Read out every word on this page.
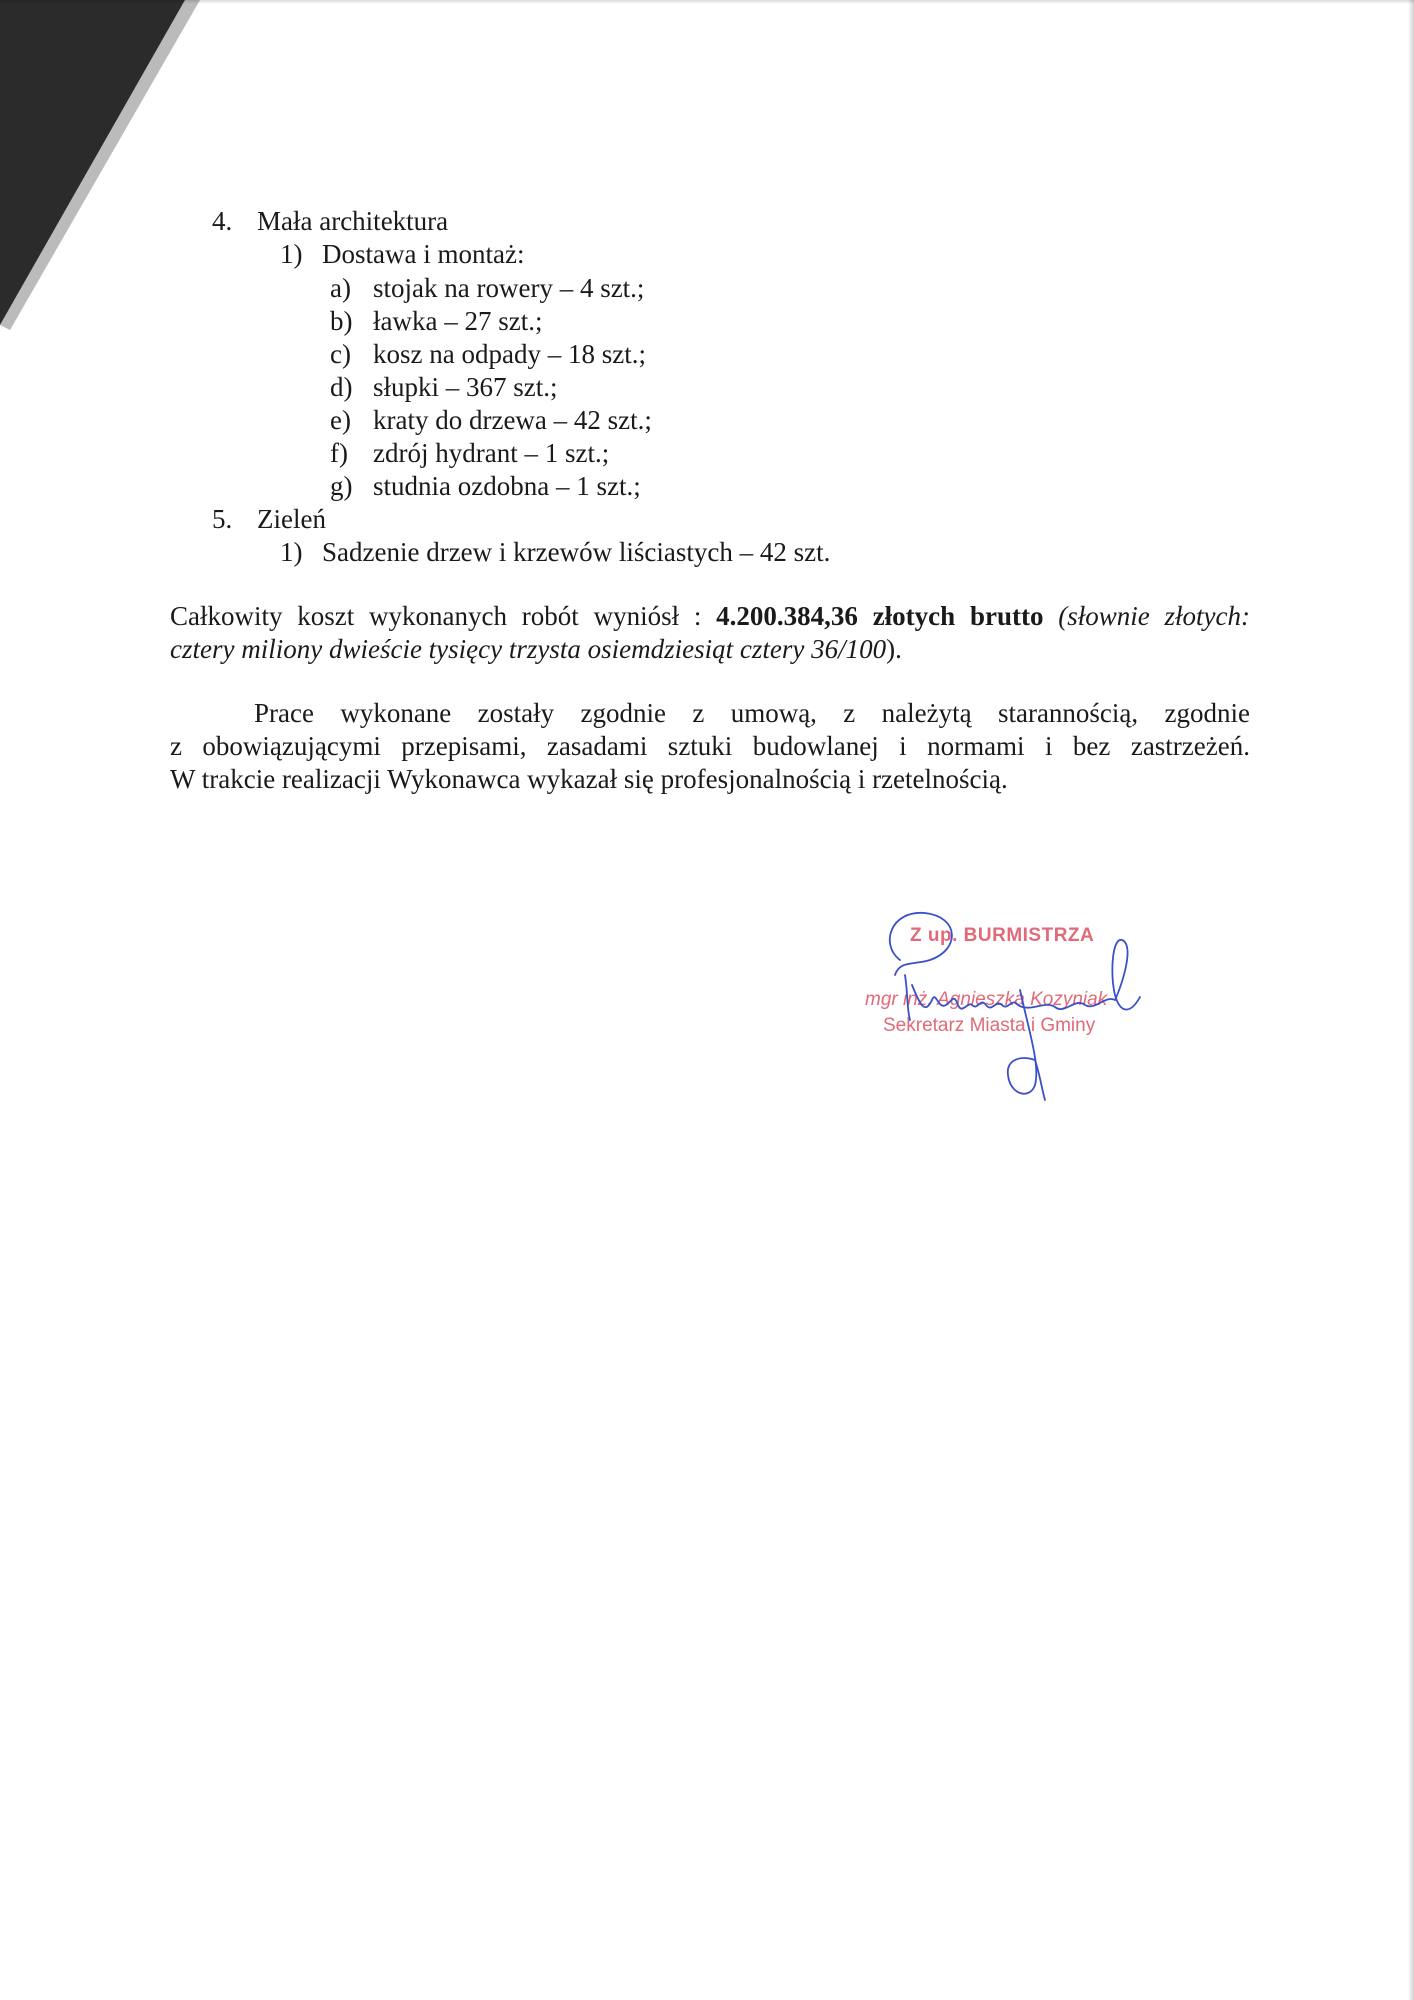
4. Mała architektura
1) Dostawa i montaż:
a) stojak na rowery – 4 szt.;
b) ławka – 27 szt.;
c) kosz na odpady – 18 szt.;
d) słupki – 367 szt.;
e) kraty do drzewa – 42 szt.;
f) zdrój hydrant – 1 szt.;
g) studnia ozdobna – 1 szt.;
5. Zieleń
1) Sadzenie drzew i krzewów liściastych – 42 szt.
Całkowity koszt wykonanych robót wyniósł : 4.200.384,36 złotych brutto (słownie złotych:
cztery miliony dwieście tysięcy trzysta osiemdziesiąt cztery 36/100).
Prace wykonane zostały zgodnie z umową, z należytą starannością, zgodnie
z obowiązującymi przepisami, zasadami sztuki budowlanej i normami i bez zastrzeżeń.
W trakcie realizacji Wykonawca wykazał się profesjonalnością i rzetelnością.
Z up. BURMISTRZA
mgr inż. Agnieszka Kozyniak
Sekretarz Miasta i Gminy
